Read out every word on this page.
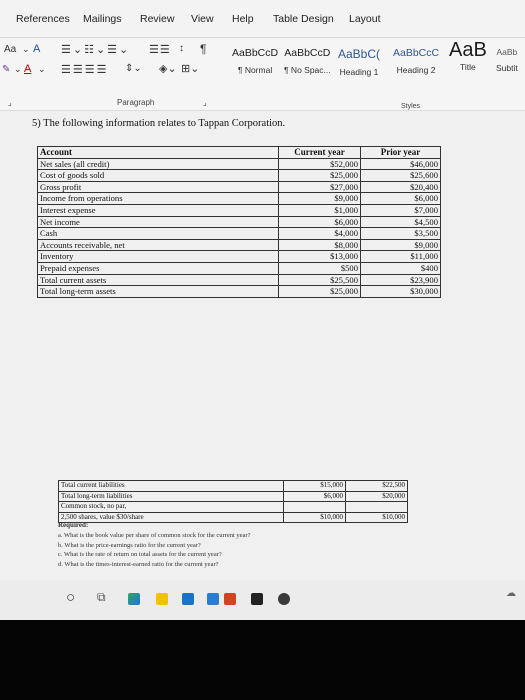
References Mailings Review View Help Table Design Layout
Aa ⌄ A
✎ ⌄ A ⌄
☰⌄☷⌄☰⌄ ☰☰ ↕ ¶
☰☰☰☰ ⇕⌄ ◈⌄ ⊞⌄
AaBbCcD
¶ Normal
AaBbCcD
¶ No Spac...
AaBbC(
Heading 1
AaBbCcC
Heading 2
AaB
Title
AaBb
Subtit
⌟	Paragraph	⌟	Styles
5) The following information relates to Tappan Corporation.
Account	Current year	Prior year
Net sales (all credit)	$52,000	$46,000
Cost of goods sold	$25,000	$25,600
Gross profit	$27,000	$20,400
Income from operations	$9,000	$6,000
Interest expense	$1,000	$7,000
Net income	$6,000	$4,500
Cash	$4,000	$3,500
Accounts receivable, net	$8,000	$9,000
Inventory	$13,000	$11,000
Prepaid expenses	$500	$400
Total current assets	$25,500	$23,900
Total long-term assets	$25,000	$30,000
Total current liabilities	$15,000	$22,500
Total long-term liabilities	$6,000	$20,000
Common stock, no par,		
2,500 shares, value $30/share	$10,000	$10,000
Required:
a. What is the book value per share of common stock for the current year?
b. What is the price-earnings ratio for the current year?
c. What is the rate of return on total assets for the current year?
d. What is the times-interest-earned ratio for the current year?
○ ⧉	☁
